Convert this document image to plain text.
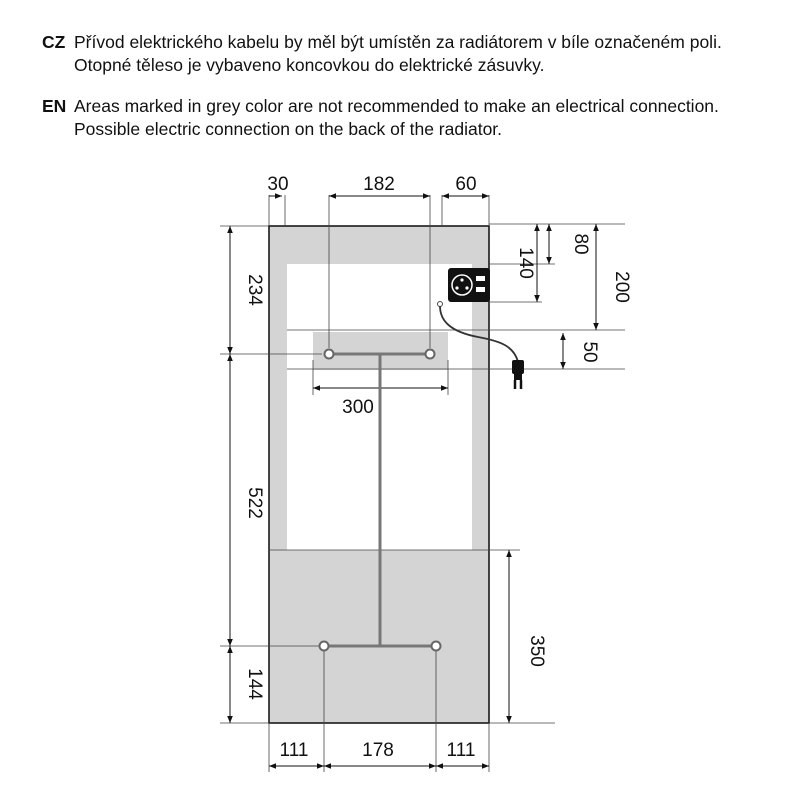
CZ Přívod elektrického kabelu by měl být umístěn za radiátorem v bíle označeném poli.
Otopné těleso je vybaveno koncovkou do elektrické zásuvky.
EN Areas marked in grey color are not recommended to make an electrical connection.
Possible electric connection on the back of the radiator.
30	182	60
234
522
144
80
140
200
50
300
350
111	178	111
